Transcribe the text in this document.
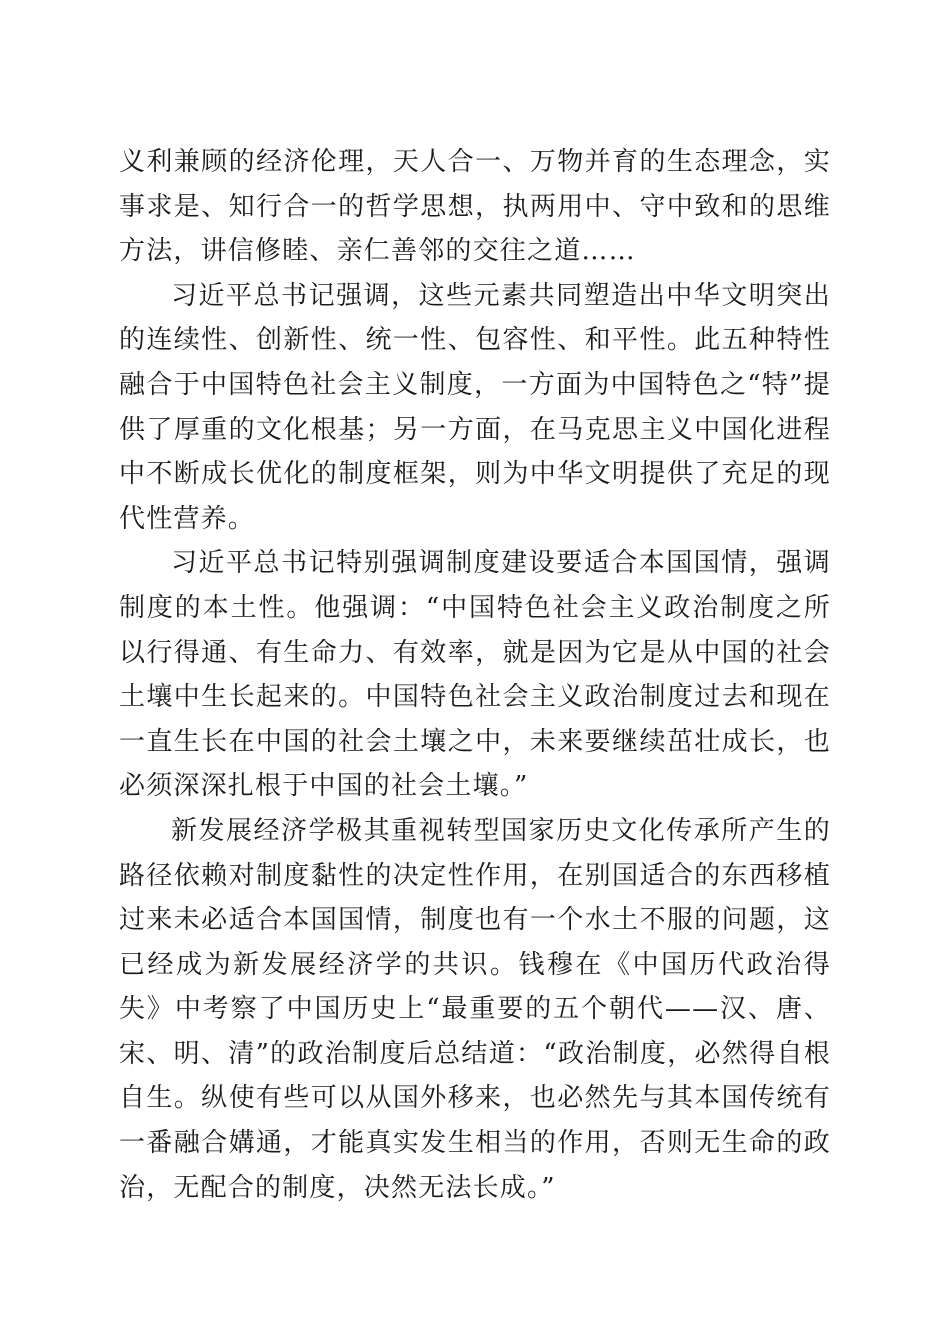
义利兼顾的经济伦理，天人合一、万物并育的生态理念，实事求是、知行合一的哲学思想，执两用中、守中致和的思维方法，讲信修睦、亲仁善邻的交往之道……

习近平总书记强调，这些元素共同塑造出中华文明突出的连续性、创新性、统一性、包容性、和平性。此五种特性融合于中国特色社会主义制度，一方面为中国特色之“特”提供了厚重的文化根基；另一方面，在马克思主义中国化进程中不断成长优化的制度框架，则为中华文明提供了充足的现代性营养。

习近平总书记特别强调制度建设要适合本国国情，强调制度的本土性。他强调：“中国特色社会主义政治制度之所以行得通、有生命力、有效率，就是因为它是从中国的社会土壤中生长起来的。中国特色社会主义政治制度过去和现在一直生长在中国的社会土壤之中，未来要继续茁壮成长，也必须深深扎根于中国的社会土壤。”

新发展经济学极其重视转型国家历史文化传承所产生的路径依赖对制度黏性的决定性作用，在别国适合的东西移植过来未必适合本国国情，制度也有一个水土不服的问题，这已经成为新发展经济学的共识。钱穆在《中国历代政治得失》中考察了中国历史上“最重要的五个朝代——汉、唐、宋、明、清”的政治制度后总结道：“政治制度，必然得自根自生。纵使有些可以从国外移来，也必然先与其本国传统有一番融合媾通，才能真实发生相当的作用，否则无生命的政治，无配合的制度，决然无法长成。”
